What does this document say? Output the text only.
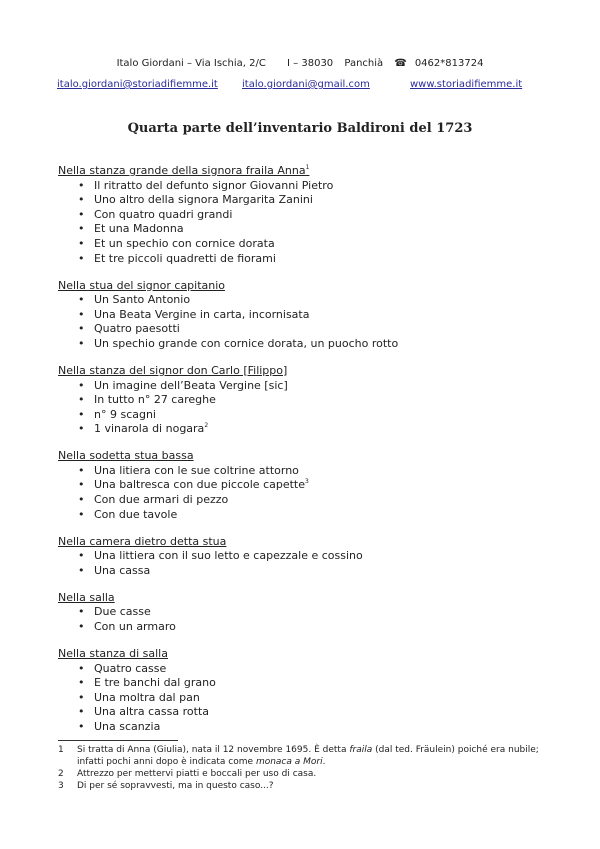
Italo Giordani – Via Ischia, 2/C I – 38030 Panchià ☎ 0462*813724
italo.giordani@storiadifiemme.it italo.giordani@gmail.com	www.storiadifiemme.it
Quarta parte dell’inventario Baldironi del 1723
Nella stanza grande della signora fraila Anna$^1$
• Il ritratto del defunto signor Giovanni Pietro
• Uno altro della signora Margarita Zanini
• Con quatro quadri grandi
• Et una Madonna
• Et un spechio con cornice dorata
• Et tre piccoli quadretti de fiorami
Nella stua del signor capitanio
• Un Santo Antonio
• Una Beata Vergine in carta, incornisata
• Quatro paesotti
• Un spechio grande con cornice dorata, un puocho rotto
Nella stanza del signor don Carlo [Filippo]
• Un imagine dell’Beata Vergine [sic]
• In tutto n° 27 careghe
• n° 9 scagni
• 1 vinarola di nogara$^2$
Nella sodetta stua bassa
• Una litiera con le sue coltrine attorno
• Una baltresca con due piccole capette$^3$
• Con due armari di pezzo
• Con due tavole
Nella camera dietro detta stua
• Una littiera con il suo letto e capezzale e cossino
• Una cassa
Nella salla
• Due casse
• Con un armaro
Nella stanza di salla
• Quatro casse
• E tre banchi dal grano
• Una moltra dal pan
• Una altra cassa rotta
• Una scanzia
1 Si tratta di Anna (Giulia), nata il 12 novembre 1695. È detta fraila (dal ted. Fräulein) poiché era nubile; infatti pochi anni dopo è indicata come monaca a Mori.
2 Attrezzo per mettervi piatti e boccali per uso di casa.
3 Di per sé sopravvesti, ma in questo caso...?
